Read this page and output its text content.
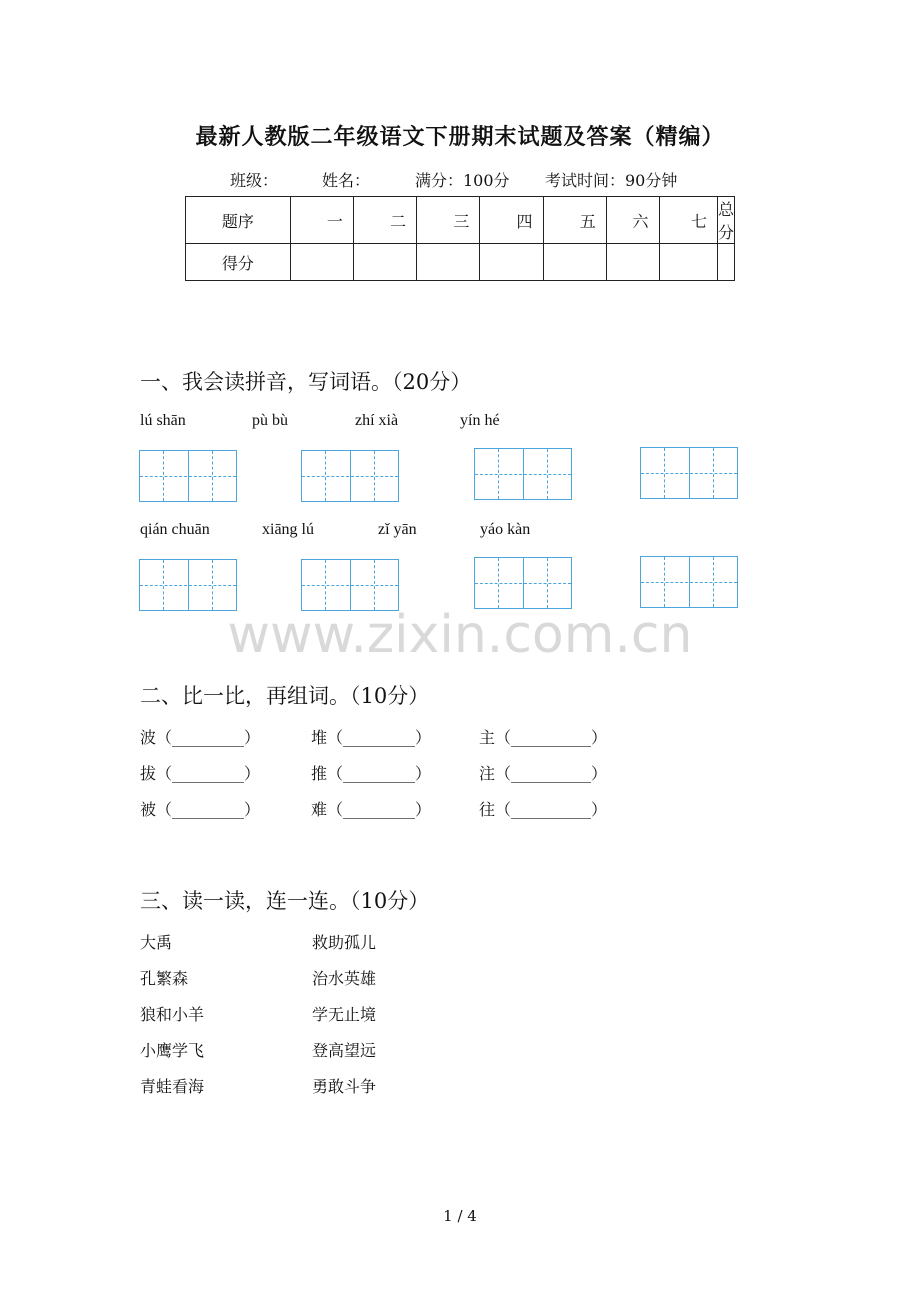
最新人教版二年级语文下册期末试题及答案（精编）
班级：	姓名：	满分：100分 考试时间：90分钟
题序	一	二	三	四	五	六	七	总分
得分								
一、我会读拼音，写词语。（20分）
lú shān	pù bù	zhí xià	yín hé
qián chuān	xiāng lú	zǐ yān	yáo kàn
www.zixin.com.cn
二、比一比，再组词。（10分）
波（_________）	堆（_________）	主（__________）
拔（_________）	推（_________）	注（__________）
被（_________）	难（_________）	往（__________）
三、读一读，连一连。（10分）
大禹	救助孤儿
孔繁森	治水英雄
狼和小羊	学无止境
小鹰学飞	登高望远
青蛙看海	勇敢斗争
1 / 4
